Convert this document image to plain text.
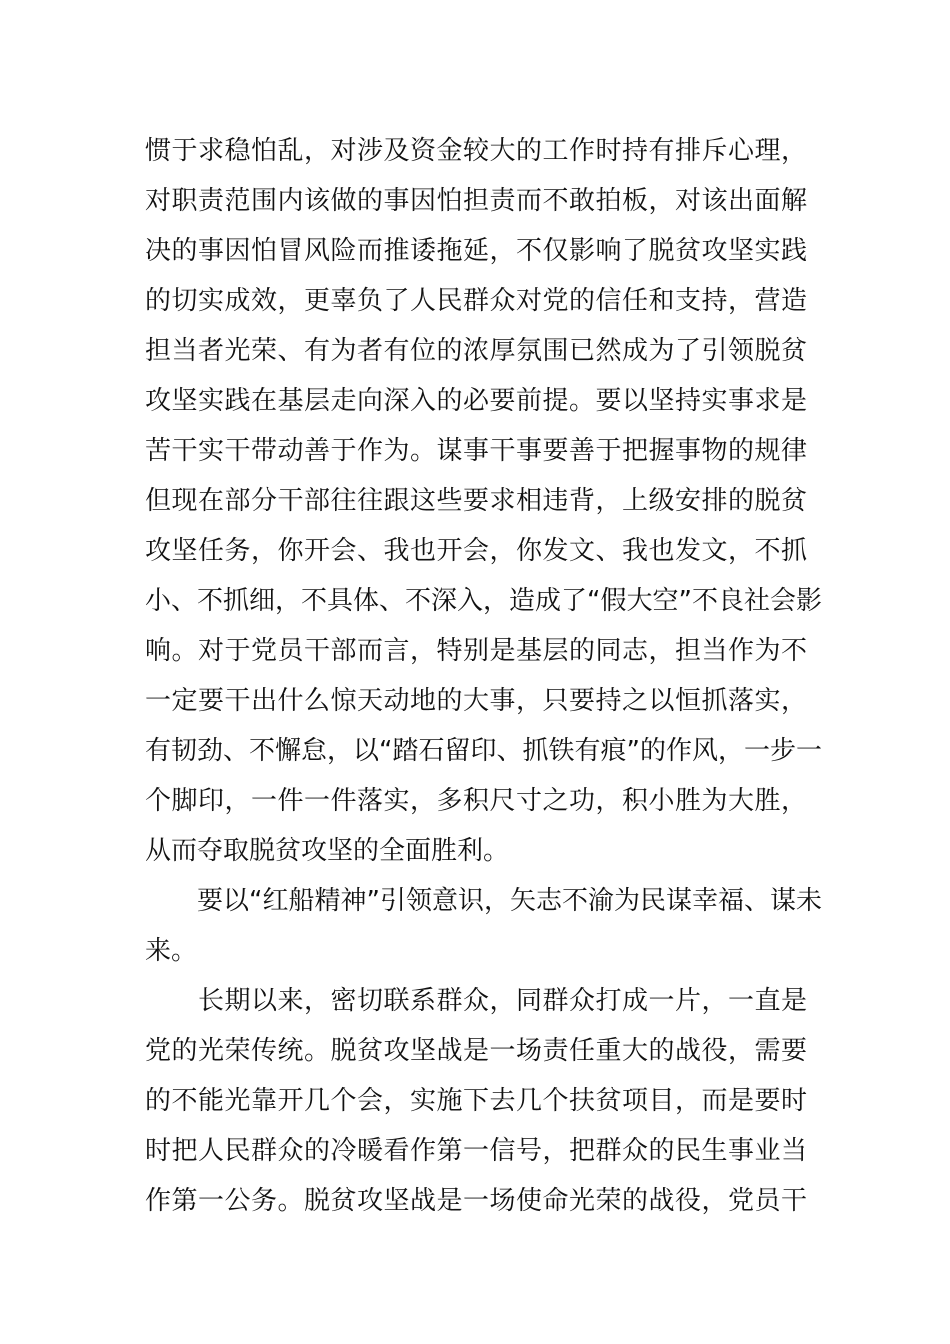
惯于求稳怕乱，对涉及资金较大的工作时持有排斥心理，
对职责范围内该做的事因怕担责而不敢拍板，对该出面解
决的事因怕冒风险而推诿拖延，不仅影响了脱贫攻坚实践
的切实成效，更辜负了人民群众对党的信任和支持，营造
担当者光荣、有为者有位的浓厚氛围已然成为了引领脱贫
攻坚实践在基层走向深入的必要前提。要以坚持实事求是
苦干实干带动善于作为。谋事干事要善于把握事物的规律
但现在部分干部往往跟这些要求相违背，上级安排的脱贫
攻坚任务，你开会、我也开会，你发文、我也发文，不抓
小、不抓细，不具体、不深入，造成了“假大空”不良社会影
响。对于党员干部而言，特别是基层的同志，担当作为不
一定要干出什么惊天动地的大事，只要持之以恒抓落实，
有韧劲、不懈怠，以“踏石留印、抓铁有痕”的作风，一步一
个脚印，一件一件落实，多积尺寸之功，积小胜为大胜，
从而夺取脱贫攻坚的全面胜利。
　　要以“红船精神”引领意识，矢志不渝为民谋幸福、谋未
来。
　　长期以来，密切联系群众，同群众打成一片，一直是
党的光荣传统。脱贫攻坚战是一场责任重大的战役，需要
的不能光靠开几个会，实施下去几个扶贫项目，而是要时
时把人民群众的冷暖看作第一信号，把群众的民生事业当
作第一公务。脱贫攻坚战是一场使命光荣的战役，党员干
